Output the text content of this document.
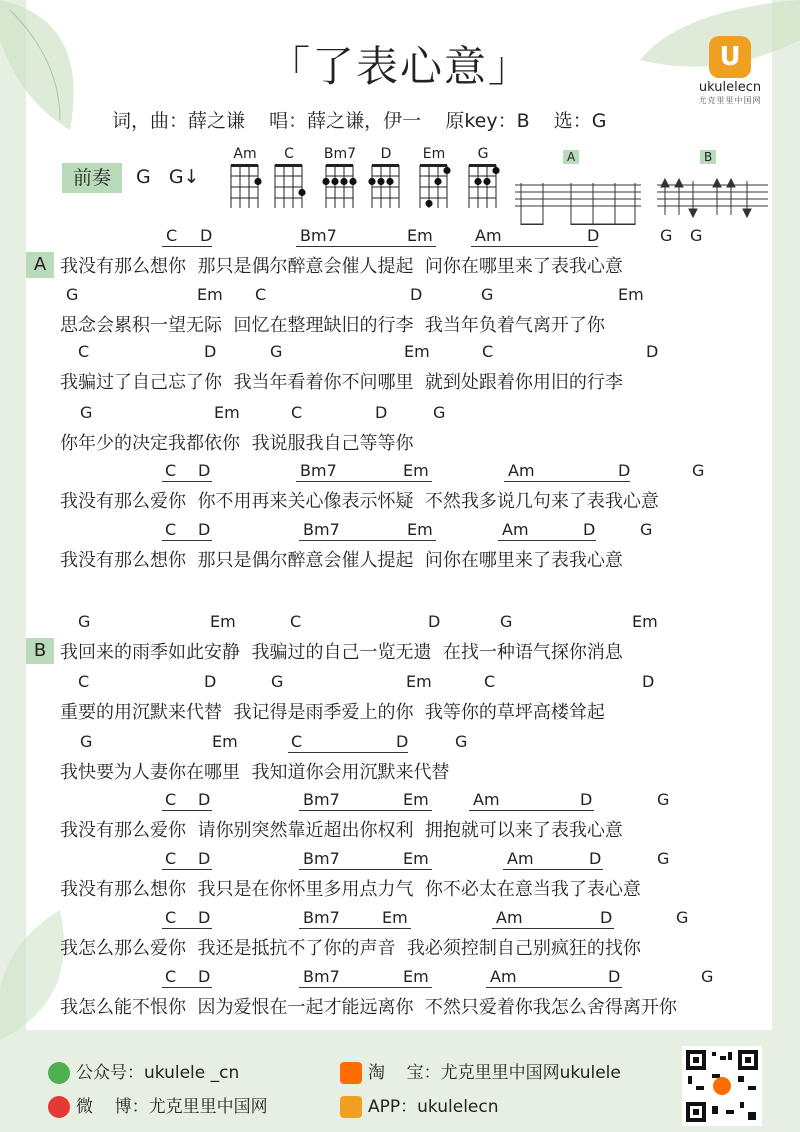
「了表心意」
词，曲：薛之谦    唱：薛之谦，伊一    原key：B    选：G
U
ukulelecn
尤克里里中国网
前奏	G   G↓
Am	C	Bm7	D	Em	G	A	B
A
B
C D	Bm7	Em	Am	D	G G
我没有那么想你  那只是偶尔醉意会催人提起  问你在哪里来了表我心意
G	Em C	D	G	Em
思念会累积一望无际  回忆在整理缺旧的行李  我当年负着气离开了你
C	D	G	Em	C	D
我骗过了自己忘了你  我当年看着你不问哪里  就到处跟着你用旧的行李
G	Em	C	D	G
你年少的决定我都依你  我说服我自己等等你
C D	Bm7	Em	Am	D	G
我没有那么爱你  你不用再来关心像表示怀疑  不然我多说几句来了表我心意
C D	Bm7	Em	Am	D	G
我没有那么想你  那只是偶尔醉意会催人提起  问你在哪里来了表我心意
G	Em	C	D	G	Em
我回来的雨季如此安静  我骗过的自己一览无遗  在找一种语气探你消息
C	D	G	Em	C	D
重要的用沉默来代替  我记得是雨季爱上的你  我等你的草坪高楼耸起
G	Em	C	D	G
我快要为人妻你在哪里  我知道你会用沉默来代替
C D	Bm7	Em	Am	D	G
我没有那么爱你  请你别突然靠近超出你权利  拥抱就可以来了表我心意
C D	Bm7	Em	Am	D	G
我没有那么想你  我只是在你怀里多用点力气  你不必太在意当我了表心意
C D	Bm7	Em	Am	D	G
我怎么那么爱你  我还是抵抗不了你的声音  我必须控制自己别疯狂的找你
C D	Bm7	Em	Am	D	G
我怎么能不恨你  因为爱恨在一起才能远离你  不然只爱着你我怎么舍得离开你
公众号：ukulele _cn
微    博：尤克里里中国网
淘    宝：尤克里里中国网ukulele
APP：ukulelecn
